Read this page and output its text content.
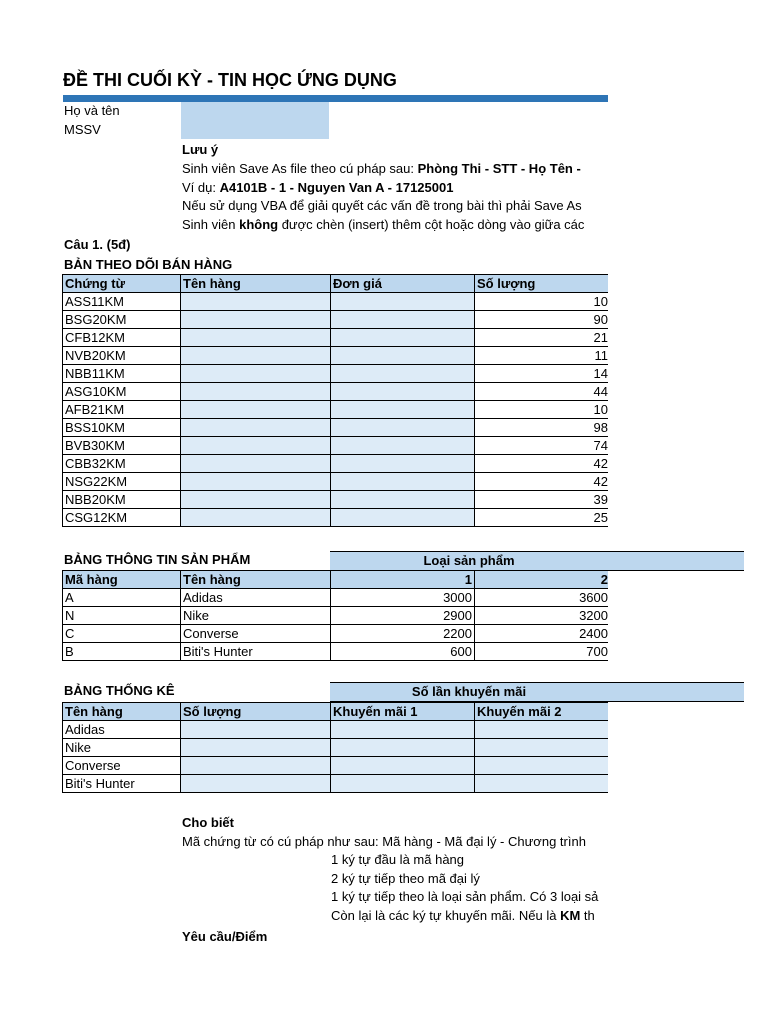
ĐỀ THI CUỐI KỲ - TIN HỌC ỨNG DỤNG
Họ và tên
MSSV
Lưu ý
Sinh viên Save As file theo cú pháp sau: Phòng Thi - STT - Họ Tên -
Ví dụ: A4101B - 1 - Nguyen Van A - 17125001
Nếu sử dụng VBA để giải quyết các vấn đề trong bài thì phải Save As
Sinh viên không được chèn (insert) thêm cột hoặc dòng vào giữa các
Câu 1. (5đ)
BẢN THEO DÕI BÁN HÀNG
Chứng từ	Tên hàng	Đơn giá	Số lượng
ASS11KM			10
BSG20KM			90
CFB12KM			21
NVB20KM			11
NBB11KM			14
ASG10KM			44
AFB21KM			10
BSS10KM			98
BVB30KM			74
CBB32KM			42
NSG22KM			42
NBB20KM			39
CSG12KM			25
BẢNG THÔNG TIN SẢN PHẨM
Mã hàng	Tên hàng	1	2
A	Adidas	3000	3600
N	Nike	2900	3200
C	Converse	2200	2400
B	Biti's Hunter	600	700
BẢNG THỐNG KÊ
Tên hàng	Số lượng	Khuyến mãi 1	Khuyến mãi 2
Adidas			
Nike			
Converse			
Biti's Hunter			
Cho biết
Mã chứng từ có cú pháp như sau: Mã hàng - Mã đại lý - Chương trình
1 ký tự đầu là mã hàng
2 ký tự tiếp theo mã đại lý
1 ký tự tiếp theo là loại sản phẩm. Có 3 loại sả
Còn lại là các ký tự khuyến mãi. Nếu là KM th
Yêu cầu/Điểm
Loại sản phẩm
Số lần khuyến mãi
